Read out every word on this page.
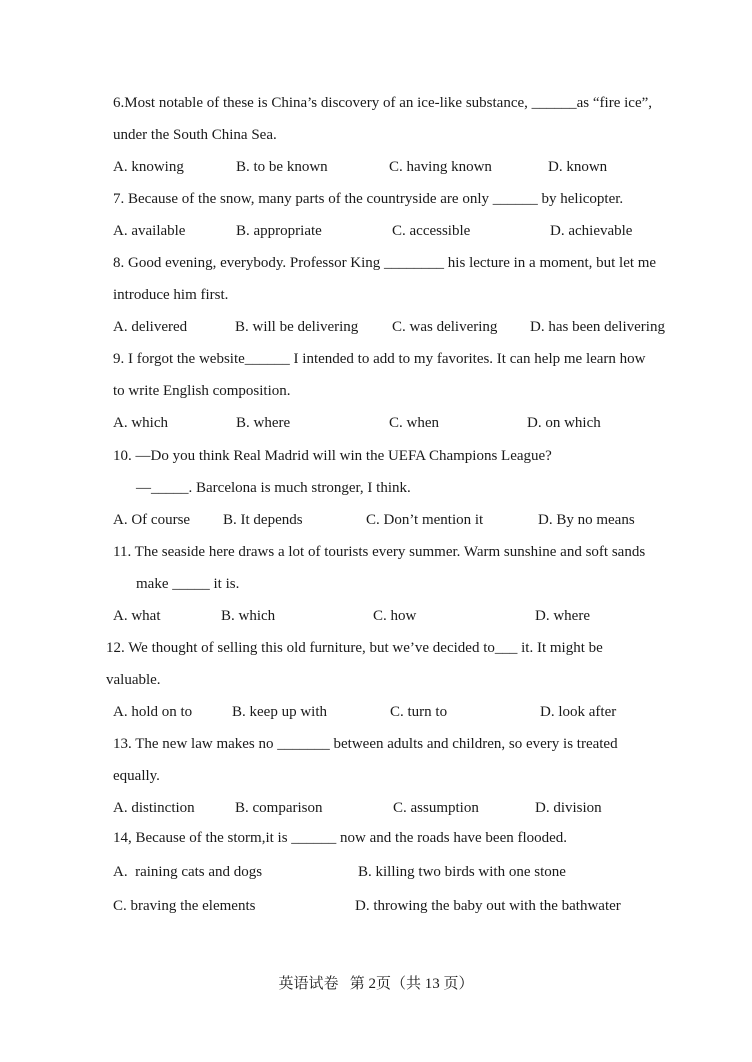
6.Most notable of these is China’s discovery of an ice-like substance, ______as “fire ice”,
under the South China Sea.
A. knowing	B. to be known	C. having known	D. known
7. Because of the snow, many parts of the countryside are only ______ by helicopter.
A. available	B. appropriate	C. accessible	D. achievable
8. Good evening, everybody. Professor King ________ his lecture in a moment, but let me
introduce him first.
A. delivered	B. will be delivering C. was delivering D. has been delivering
9. I forgot the website______ I intended to add to my favorites. It can help me learn how
to write English composition.
A. which	B. where	C. when	D. on which
10. —Do you think Real Madrid will win the UEFA Champions League?
—_____. Barcelona is much stronger, I think.
A. Of course B. It depends	C. Don’t mention it	D. By no means
11. The seaside here draws a lot of tourists every summer. Warm sunshine and soft sands
make _____ it is.
A. what	B. which	C. how	D. where
12. We thought of selling this old furniture, but we’ve decided to___ it. It might be
valuable.
A. hold on to	B. keep up with	C. turn to	D. look after
13. The new law makes no _______ between adults and children, so every is treated
equally.
A. distinction	B. comparison	C. assumption	D. division
14, Because of the storm,it is ______ now and the roads have been flooded.
A.  raining cats and dogs	B. killing two birds with one stone
C. braving the elements	D. throwing the baby out with the bathwater
英语试卷   第 2页（共 13 页）
